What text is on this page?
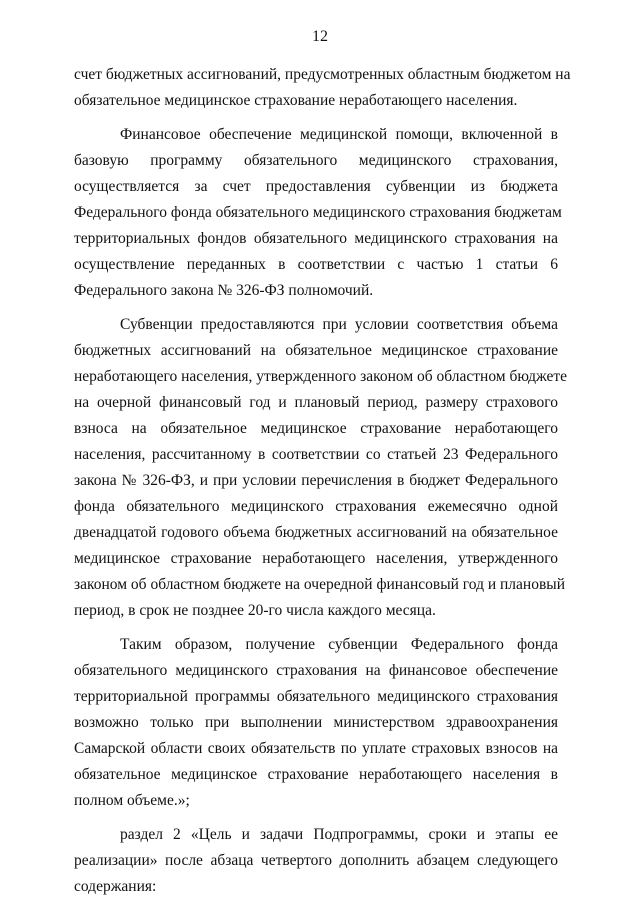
12
счет бюджетных ассигнований, предусмотренных областным бюджетом на
обязательное медицинское страхование неработающего населения.
Финансовое обеспечение медицинской помощи, включенной в
базовую программу обязательного медицинского страхования,
осуществляется за счет предоставления субвенции из бюджета
Федерального фонда обязательного медицинского страхования бюджетам
территориальных фондов обязательного медицинского страхования на
осуществление переданных в соответствии с частью 1 статьи 6
Федерального закона № 326-ФЗ полномочий.
Субвенции предоставляются при условии соответствия объема
бюджетных ассигнований на обязательное медицинское страхование
неработающего населения, утвержденного законом об областном бюджете
на очерной финансовый год и плановый период, размеру страхового
взноса на обязательное медицинское страхование неработающего
населения, рассчитанному в соответствии со статьей 23 Федерального
закона № 326-ФЗ, и при условии перечисления в бюджет Федерального
фонда обязательного медицинского страхования ежемесячно одной
двенадцатой годового объема бюджетных ассигнований на обязательное
медицинское страхование неработающего населения, утвержденного
законом об областном бюджете на очередной финансовый год и плановый
период, в срок не позднее 20-го числа каждого месяца.
Таким образом, получение субвенции Федерального фонда
обязательного медицинского страхования на финансовое обеспечение
территориальной программы обязательного медицинского страхования
возможно только при выполнении министерством здравоохранения
Самарской области своих обязательств по уплате страховых взносов на
обязательное медицинское страхование неработающего населения в
полном объеме.»;
раздел 2 «Цель и задачи Подпрограммы, сроки и этапы ее
реализации» после абзаца четвертого дополнить абзацем следующего
содержания:
